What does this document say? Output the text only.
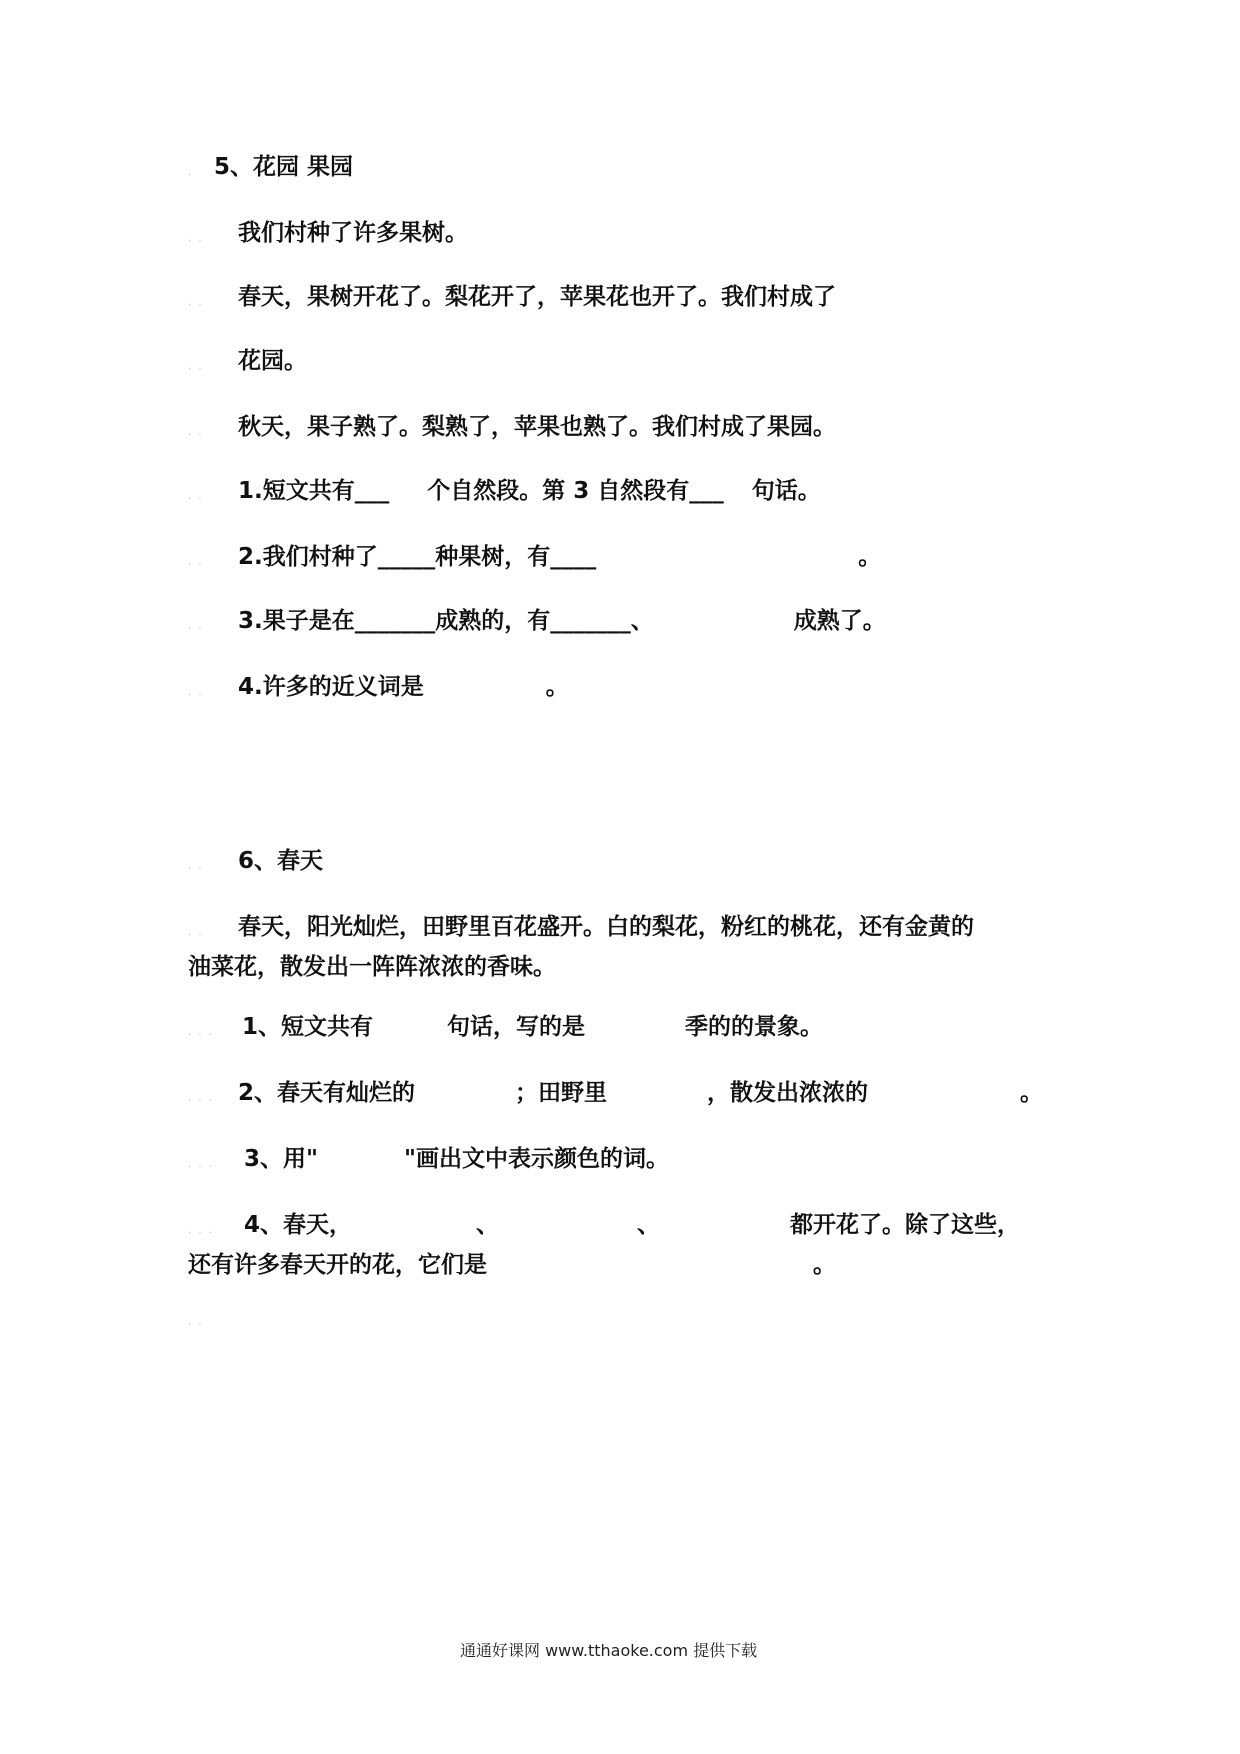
. 5、花园 果园
. . 我们村种了许多果树。
. . 春天，果树开花了。梨花开了，苹果花也开了。我们村成了
. . 花园。
. . 秋天，果子熟了。梨熟了，苹果也熟了。我们村成了果园。
. . 1.短文共有___ 个自然段。第 3 自然段有___ 句话。
. . 2.我们村种了_____种果树，有____	。
. . 3.果子是在_______成熟的，有_______、	成熟了。
. . 4.许多的近义词是	。
. . 6、春天
. . 春天，阳光灿烂，田野里百花盛开。白的梨花，粉红的桃花，还有金黄的
油菜花，散发出一阵阵浓浓的香味。
. . . 1、短文共有	句话，写的是	季的的景象。
. . . 2、春天有灿烂的	；田野里	，散发出浓浓的	。
. . . 3、用"	"画出文中表示颜色的词。
. . . 4、春天，	、	、	都开花了。除了这些，
还有许多春天开的花，它们是	。
. .
通通好课网 www.tthaoke.com 提供下载
